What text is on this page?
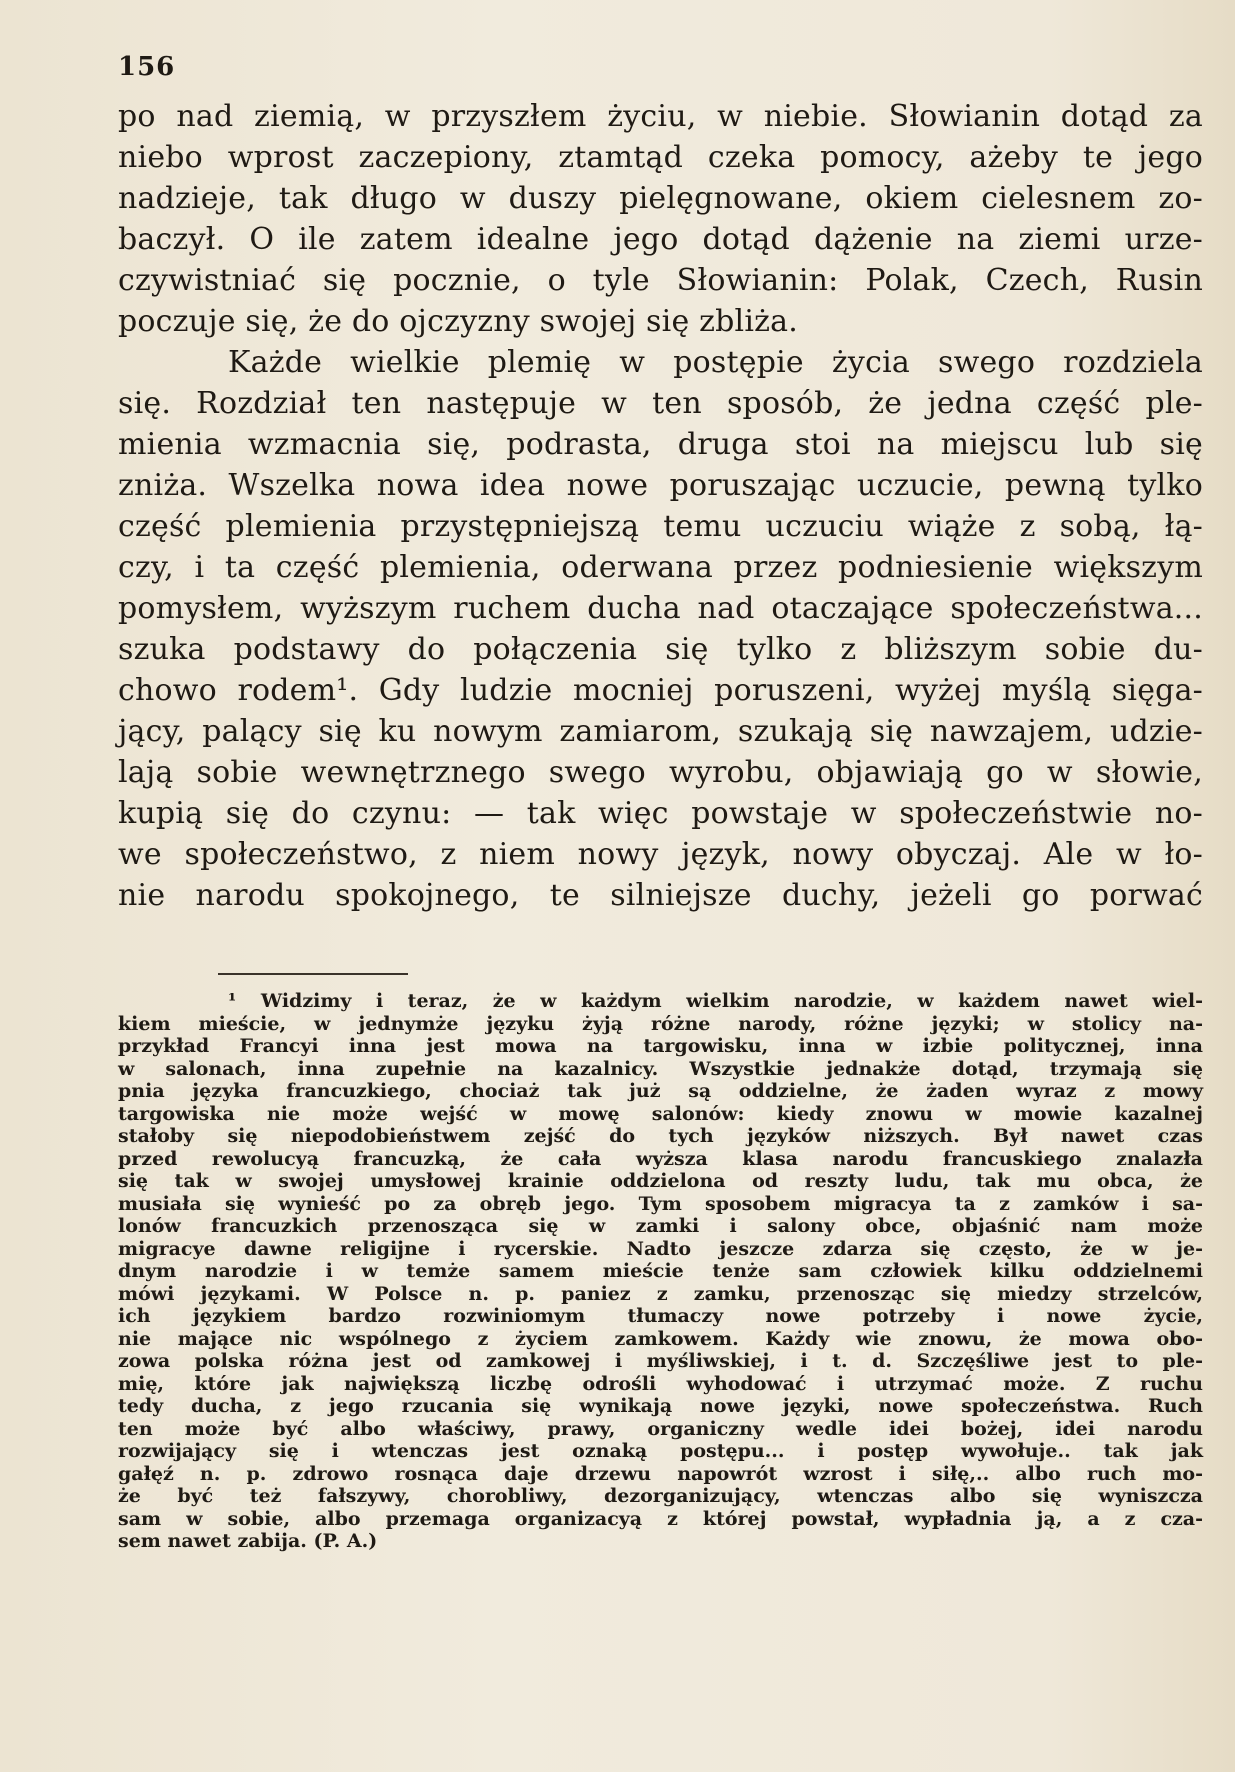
156
po nad ziemią, w przyszłem życiu, w niebie. Słowianin dotąd za
niebo wprost zaczepiony, ztamtąd czeka pomocy, ażeby te jego
nadzieje, tak długo w duszy pielęgnowane, okiem cielesnem zo-
baczył. O ile zatem idealne jego dotąd dążenie na ziemi urze-
czywistniać się pocznie, o tyle Słowianin: Polak, Czech, Rusin
poczuje się, że do ojczyzny swojej się zbliża.
Każde wielkie plemię w postępie życia swego rozdziela
się. Rozdział ten następuje w ten sposób, że jedna część ple-
mienia wzmacnia się, podrasta, druga stoi na miejscu lub się
zniża. Wszelka nowa idea nowe poruszając uczucie, pewną tylko
część plemienia przystępniejszą temu uczuciu wiąże z sobą, łą-
czy, i ta część plemienia, oderwana przez podniesienie większym
pomysłem, wyższym ruchem ducha nad otaczające społeczeństwa...
szuka podstawy do połączenia się tylko z bliższym sobie du-
chowo rodem¹. Gdy ludzie mocniej poruszeni, wyżej myślą sięga-
jący, palący się ku nowym zamiarom, szukają się nawzajem, udzie-
lają sobie wewnętrznego swego wyrobu, objawiają go w słowie,
kupią się do czynu: — tak więc powstaje w społeczeństwie no-
we społeczeństwo, z niem nowy język, nowy obyczaj. Ale w ło-
nie narodu spokojnego, te silniejsze duchy, jeżeli go porwać
¹ Widzimy i teraz, że w każdym wielkim narodzie, w każdem nawet wiel-
kiem mieście, w jednymże języku żyją różne narody, różne języki; w stolicy na-
przykład Francyi inna jest mowa na targowisku, inna w izbie politycznej, inna
w salonach, inna zupełnie na kazalnicy. Wszystkie jednakże dotąd, trzymają się
pnia języka francuzkiego, chociaż tak już są oddzielne, że żaden wyraz z mowy
targowiska nie może wejść w mowę salonów: kiedy znowu w mowie kazalnej
stałoby się niepodobieństwem zejść do tych języków niższych. Był nawet czas
przed rewolucyą francuzką, że cała wyższa klasa narodu francuskiego znalazła
się tak w swojej umysłowej krainie oddzielona od reszty ludu, tak mu obca, że
musiała się wynieść po za obręb jego. Tym sposobem migracya ta z zamków i sa-
lonów francuzkich przenosząca się w zamki i salony obce, objaśnić nam może
migracye dawne religijne i rycerskie. Nadto jeszcze zdarza się często, że w je-
dnym narodzie i w temże samem mieście tenże sam człowiek kilku oddzielnemi
mówi językami. W Polsce n. p. paniez z zamku, przenosząc się miedzy strzelców,
ich językiem bardzo rozwiniomym tłumaczy nowe potrzeby i nowe życie,
nie mające nic wspólnego z życiem zamkowem. Każdy wie znowu, że mowa obo-
zowa polska różna jest od zamkowej i myśliwskiej, i t. d. Szczęśliwe jest to ple-
mię, które jak największą liczbę odrośli wyhodować i utrzymać może. Z ruchu
tedy ducha, z jego rzucania się wynikają nowe języki, nowe społeczeństwa. Ruch
ten może być albo właściwy, prawy, organiczny wedle idei bożej, idei narodu
rozwijający się i wtenczas jest oznaką postępu... i postęp wywołuje.. tak jak
gałęź n. p. zdrowo rosnąca daje drzewu napowrót wzrost i siłę,.. albo ruch mo-
że być też fałszywy, chorobliwy, dezorganizujący, wtenczas albo się wyniszcza
sam w sobie, albo przemaga organizacyą z której powstał, wypładnia ją, a z cza-
sem nawet zabija. (P. A.)
